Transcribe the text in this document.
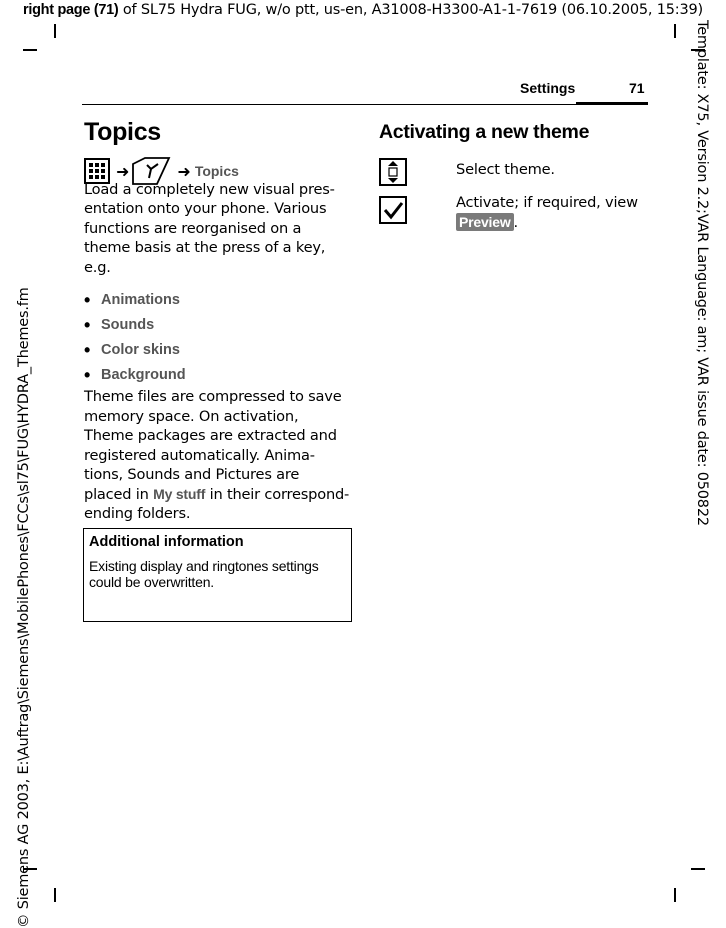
right page (71) of SL75 Hydra FUG, w/o ptt, us-en, A31008-H3300-A1-1-7619 (06.10.2005, 15:39)
© Siemens AG 2003, E:\Auftrag\Siemens\MobilePhones\FCCs\sl75\FUG\HYDRA_Themes.fm
Template: X75, Version 2.2;VAR Language: am; VAR issue date: 050822
Settings	71
Topics
➜	➜ Topics
Load a completely new visual pres-
entation onto your phone. Various
functions are reorganised on a
theme basis at the press of a key,
e.g.
• Animations
• Sounds
• Color skins
• Background
Theme files are compressed to save
memory space. On activation,
Theme packages are extracted and
registered automatically. Anima-
tions, Sounds and Pictures are
placed in My stuff in their correspond-
ending folders.
Additional information
Existing display and ringtones settings
could be overwritten.
Activating a new theme
Select theme.
Activate; if required, view
Preview .
